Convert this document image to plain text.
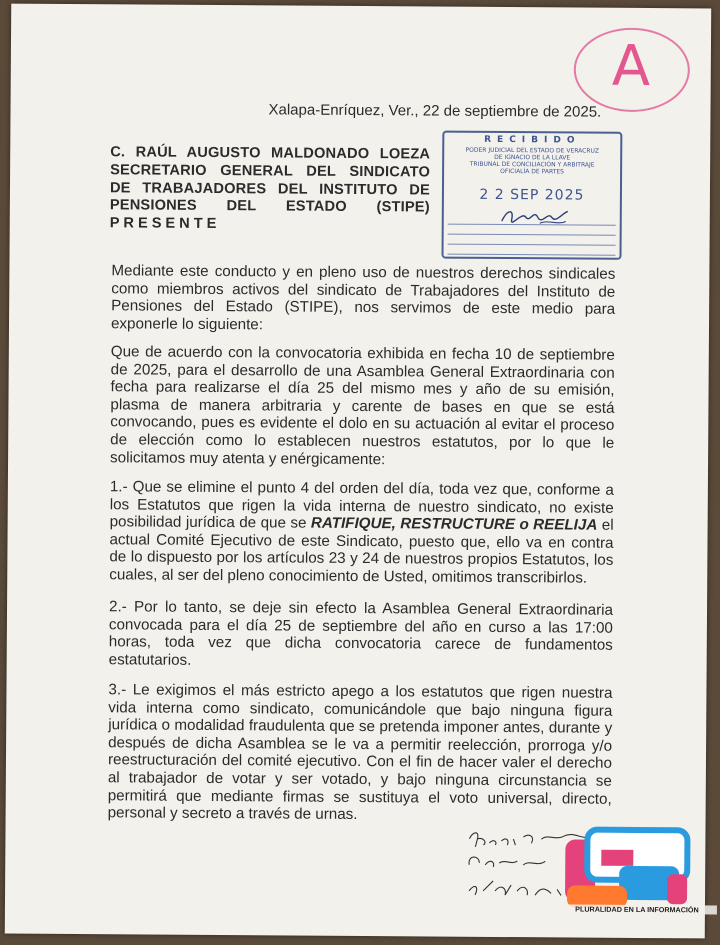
Xalapa-Enríquez, Ver., 22 de septiembre de 2025.
A
C. RAÚL AUGUSTO MALDONADO LOEZA
SECRETARIO GENERAL DEL SINDICATO
DE TRABAJADORES DEL INSTITUTO DE
PENSIONES DEL ESTADO (STIPE)
PRESENTE
RECIBIDO
PODER JUDICIAL DEL ESTADO DE VERACRUZ
DE IGNACIO DE LA LLAVE
TRIBUNAL DE CONCILIACIÓN Y ARBITRAJE
OFICIALÍA DE PARTES
2 2 SEP 2025
Mediante este conducto y en pleno uso de nuestros derechos sindicales como miembros activos del sindicato de Trabajadores del Instituto de Pensiones del Estado (STIPE), nos servimos de este medio para exponerle lo siguiente:
Que de acuerdo con la convocatoria exhibida en fecha 10 de septiembre de 2025, para el desarrollo de una Asamblea General Extraordinaria con fecha para realizarse el día 25 del mismo mes y año de su emisión, plasma de manera arbitraria y carente de bases en que se está convocando, pues es evidente el dolo en su actuación al evitar el proceso de elección como lo establecen nuestros estatutos, por lo que le solicitamos muy atenta y enérgicamente:
1.- Que se elimine el punto 4 del orden del día, toda vez que, conforme a los Estatutos que rigen la vida interna de nuestro sindicato, no existe posibilidad jurídica de que se RATIFIQUE, RESTRUCTURE o REELIJA el actual Comité Ejecutivo de este Sindicato, puesto que, ello va en contra de lo dispuesto por los artículos 23 y 24 de nuestros propios Estatutos, los cuales, al ser del pleno conocimiento de Usted, omitimos transcribirlos.
2.- Por lo tanto, se deje sin efecto la Asamblea General Extraordinaria convocada para el día 25 de septiembre del año en curso a las 17:00 horas, toda vez que dicha convocatoria carece de fundamentos estatutarios.
3.- Le exigimos el más estricto apego a los estatutos que rigen nuestra vida interna como sindicato, comunicándole que bajo ninguna figura jurídica o modalidad fraudulenta que se pretenda imponer antes, durante y después de dicha Asamblea se le va a permitir reelección, prorroga y/o reestructuración del comité ejecutivo. Con el fin de hacer valer el derecho al trabajador de votar y ser votado, y bajo ninguna circunstancia se permitirá que mediante firmas se sustituya el voto universal, directo, personal y secreto a través de urnas.
PLURALIDAD EN LA INFORMACIÓN
